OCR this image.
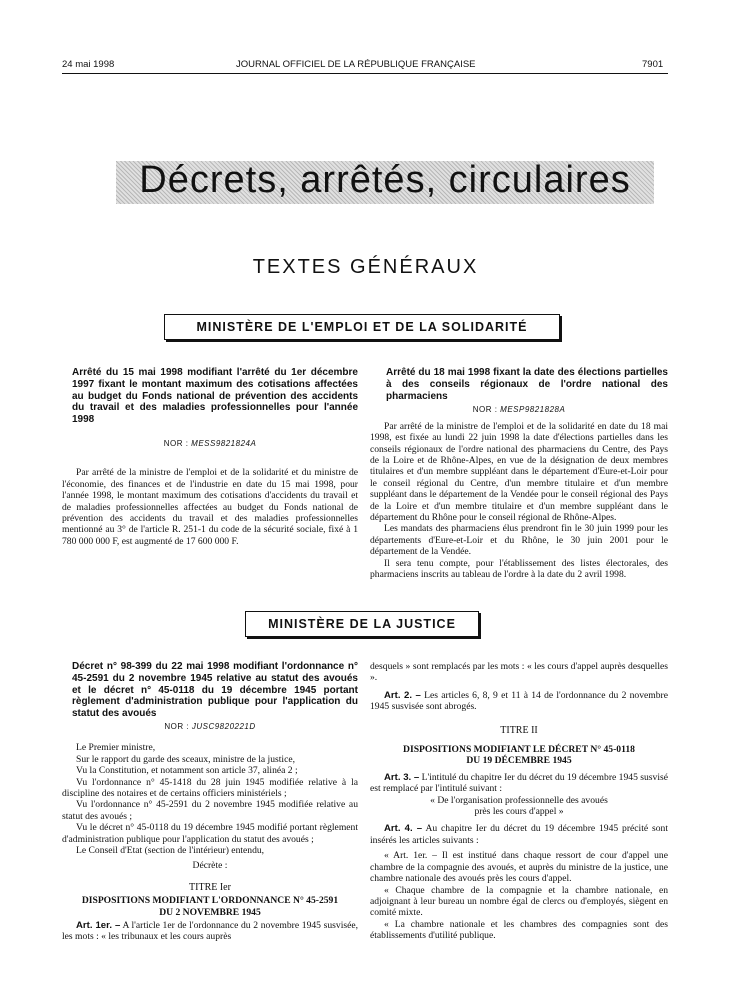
24 mai 1998	JOURNAL OFFICIEL DE LA RÉPUBLIQUE FRANÇAISE	7901
Décrets, arrêtés, circulaires
TEXTES GÉNÉRAUX
MINISTÈRE DE L'EMPLOI ET DE LA SOLIDARITÉ

Arrêté du 15 mai 1998 modifiant l'arrêté du 1er décembre 1997 fixant le montant maximum des cotisations affectées au budget du Fonds national de prévention des accidents du travail et des maladies professionnelles pour l'année 1998

NOR : MESS9821824A

Par arrêté de la ministre de l'emploi et de la solidarité et du ministre de l'économie, des finances et de l'industrie en date du 15 mai 1998, pour l'année 1998, le montant maximum des cotisations d'accidents du travail et de maladies professionnelles affectées au budget du Fonds national de prévention des accidents du travail et des maladies professionnelles mentionné au 3° de l'article R. 251-1 du code de la sécurité sociale, fixé à 1 780 000 000 F, est augmenté de 17 600 000 F.

Arrêté du 18 mai 1998 fixant la date des élections partielles à des conseils régionaux de l'ordre national des pharmaciens

NOR : MESP9821828A

Par arrêté de la ministre de l'emploi et de la solidarité en date du 18 mai 1998, est fixée au lundi 22 juin 1998 la date d'élections partielles dans les conseils régionaux de l'ordre national des pharmaciens du Centre, des Pays de la Loire et de Rhône-Alpes, en vue de la désignation de deux membres titulaires et d'un membre suppléant dans le département d'Eure-et-Loir pour le conseil régional du Centre, d'un membre titulaire et d'un membre suppléant dans le département de la Vendée pour le conseil régional des Pays de la Loire et d'un membre titulaire et d'un membre suppléant dans le département du Rhône pour le conseil régional de Rhône-Alpes.

Les mandats des pharmaciens élus prendront fin le 30 juin 1999 pour les départements d'Eure-et-Loir et du Rhône, le 30 juin 2001 pour le département de la Vendée.

Il sera tenu compte, pour l'établissement des listes électorales, des pharmaciens inscrits au tableau de l'ordre à la date du 2 avril 1998.

MINISTÈRE DE LA JUSTICE

Décret n° 98-399 du 22 mai 1998 modifiant l'ordonnance n° 45-2591 du 2 novembre 1945 relative au statut des avoués et le décret n° 45-0118 du 19 décembre 1945 portant règlement d'administration publique pour l'application du statut des avoués

NOR : JUSC9820221D

Le Premier ministre,

Sur le rapport du garde des sceaux, ministre de la justice,

Vu la Constitution, et notamment son article 37, alinéa 2 ;

Vu l'ordonnance n° 45-1418 du 28 juin 1945 modifiée relative à la discipline des notaires et de certains officiers ministériels ;

Vu l'ordonnance n° 45-2591 du 2 novembre 1945 modifiée relative au statut des avoués ;

Vu le décret n° 45-0118 du 19 décembre 1945 modifié portant règlement d'administration publique pour l'application du statut des avoués ;

Le Conseil d'Etat (section de l'intérieur) entendu,

Décrète :

TITRE Ier

DISPOSITIONS MODIFIANT L'ORDONNANCE N° 45-2591

DU 2 NOVEMBRE 1945

Art. 1er. – A l'article 1er de l'ordonnance du 2 novembre 1945 susvisée, les mots : « les tribunaux et les cours auprès

desquels » sont remplacés par les mots : « les cours d'appel auprès desquelles ».

Art. 2. – Les articles 6, 8, 9 et 11 à 14 de l'ordonnance du 2 novembre 1945 susvisée sont abrogés.

TITRE II

DISPOSITIONS MODIFIANT LE DÉCRET N° 45-0118

DU 19 DÉCEMBRE 1945

Art. 3. – L'intitulé du chapitre Ier du décret du 19 décembre 1945 susvisé est remplacé par l'intitulé suivant :

« De l'organisation professionnelle des avoués

près les cours d'appel »

Art. 4. – Au chapitre Ier du décret du 19 décembre 1945 précité sont insérés les articles suivants :

« Art. 1er. – Il est institué dans chaque ressort de cour d'appel une chambre de la compagnie des avoués, et auprès du ministre de la justice, une chambre nationale des avoués près les cours d'appel.

« Chaque chambre de la compagnie et la chambre nationale, en adjoignant à leur bureau un nombre égal de clercs ou d'employés, siègent en comité mixte.

« La chambre nationale et les chambres des compagnies sont des établissements d'utilité publique.
